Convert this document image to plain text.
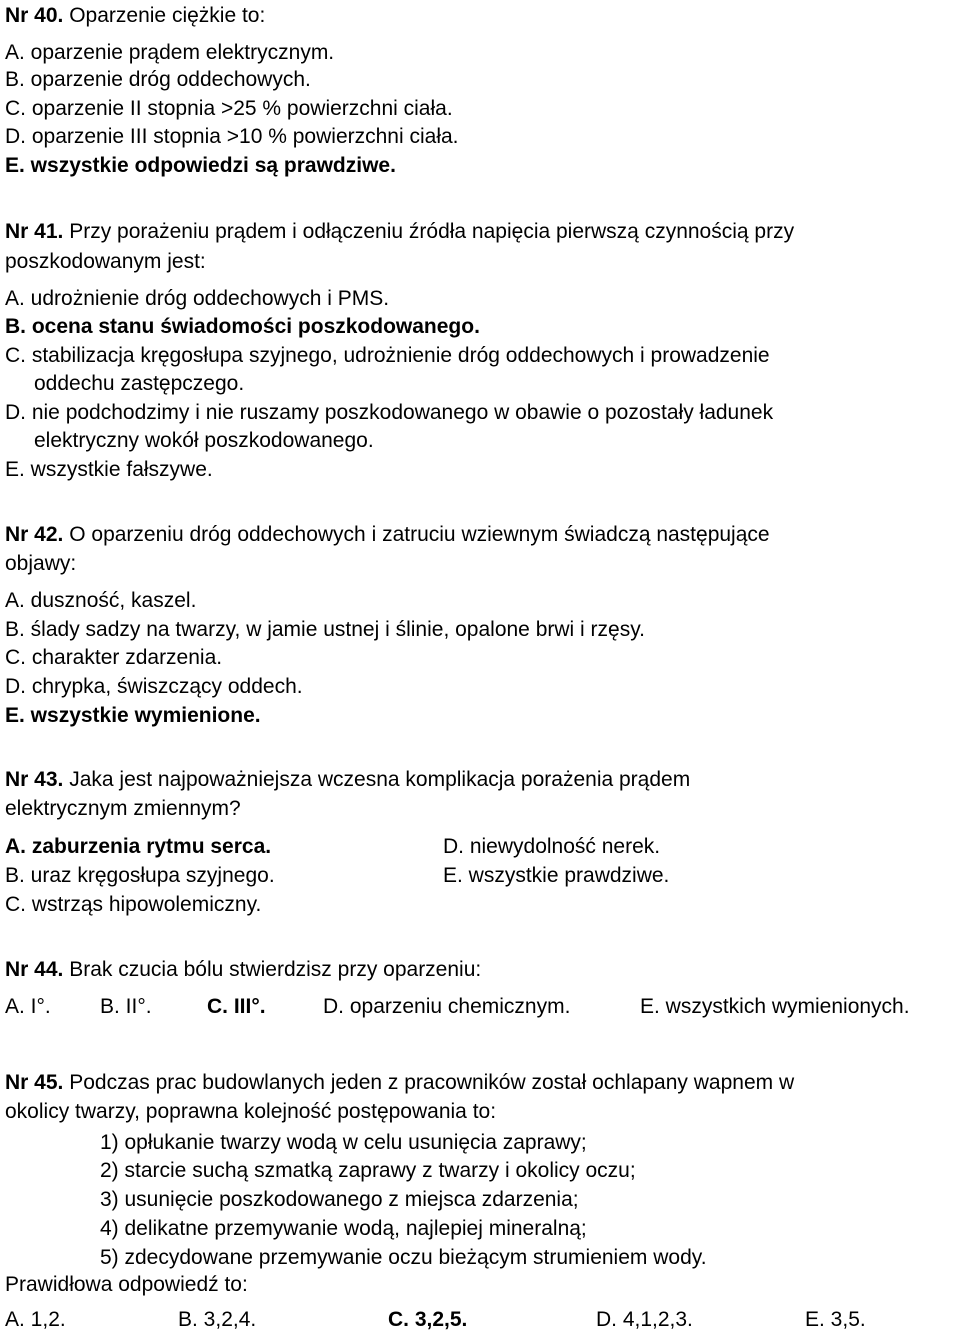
Nr 40. Oparzenie ciężkie to:
A. oparzenie prądem elektrycznym.
B. oparzenie dróg oddechowych.
C. oparzenie II stopnia >25 % powierzchni ciała.
D. oparzenie III stopnia >10 % powierzchni ciała.
E. wszystkie odpowiedzi są prawdziwe.
Nr 41. Przy porażeniu prądem i odłączeniu źródła napięcia pierwszą czynnością przy
poszkodowanym jest:
A. udrożnienie dróg oddechowych i PMS.
B. ocena stanu świadomości poszkodowanego.
C. stabilizacja kręgosłupa szyjnego, udrożnienie dróg oddechowych i prowadzenie
oddechu zastępczego.
D. nie podchodzimy i nie ruszamy poszkodowanego w obawie o pozostały ładunek
elektryczny wokół poszkodowanego.
E. wszystkie fałszywe.
Nr 42. O oparzeniu dróg oddechowych i zatruciu wziewnym świadczą następujące
objawy:
A. duszność, kaszel.
B. ślady sadzy na twarzy, w jamie ustnej i ślinie, opalone brwi i rzęsy.
C. charakter zdarzenia.
D. chrypka, świszczący oddech.
E. wszystkie wymienione.
Nr 43. Jaka jest najpoważniejsza wczesna komplikacja porażenia prądem
elektrycznym zmiennym?
A. zaburzenia rytmu serca.
B. uraz kręgosłupa szyjnego.
C. wstrząs hipowolemiczny.
D. niewydolność nerek.
E. wszystkie prawdziwe.
Nr 44. Brak czucia bólu stwierdzisz przy oparzeniu:
A. I°. B. II°.	C. III°.	D. oparzeniu chemicznym.	E. wszystkich wymienionych.
Nr 45. Podczas prac budowlanych jeden z pracowników został ochlapany wapnem w
okolicy twarzy, poprawna kolejność postępowania to:
1) opłukanie twarzy wodą w celu usunięcia zaprawy;
2) starcie suchą szmatką zaprawy z twarzy i okolicy oczu;
3) usunięcie poszkodowanego z miejsca zdarzenia;
4) delikatne przemywanie wodą, najlepiej mineralną;
5) zdecydowane przemywanie oczu bieżącym strumieniem wody.
Prawidłowa odpowiedź to:
A. 1,2.	B. 3,2,4.	C. 3,2,5.	D. 4,1,2,3.	E. 3,5.
